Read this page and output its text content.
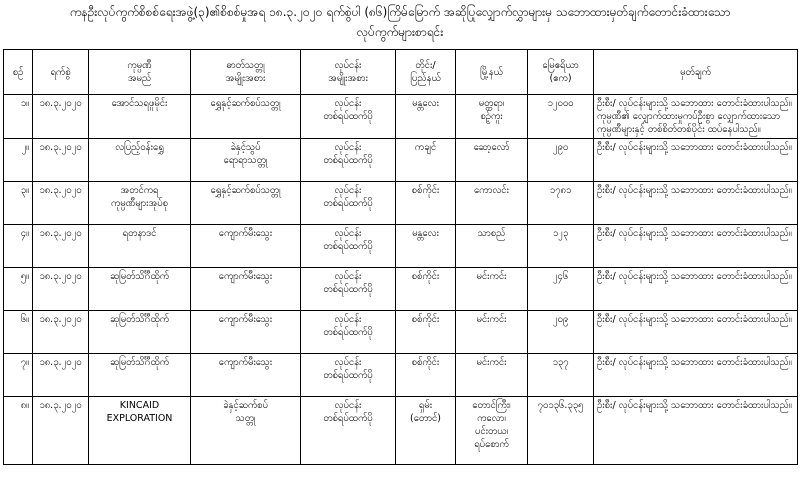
ကနဦးလုပ်ကွက်စိစစ်ရေးအဖွဲ့(၃)၏စိစစ်မှုအရ ၁၈.၃.၂၀၂၀ ရက်စွဲပါ (၈၆)ကြိမ်မြောက် အဆိုပြုလျှောက်လွှာများမှ သဘောထားမှတ်ချက်တောင်းခံထားသော
လုပ်ကွက်များစာရင်း
စဉ်	ရက်စွဲ	ကုမ္ပဏီ
အမည်	ဓာတ်သတ္တု
အမျိုးအစား	လုပ်ငန်း
အမျိုးအစား	တိုင်း/
ပြည်နယ်	မြို့နယ်	မြေဧရိယာ
(ဧက)	မှတ်ချက်

၁။	၁၈.၃.၂၀၂၀	အောင်သရဖူမိုင်း	ရွှေနှင့်ဆက်စပ်သတ္တု	လုပ်ငန်း
တစ်ရပ်ထက်ပို	မန္တလေး	မတ္တရာ၊
စဉ့်ကူး	၁၂၀၀၀	ဦးစီး/ လုပ်ငန်းများသို့ သဘောထား တောင်းခံထားပါသည်။
ကုမ္ပဏီ၏ လျှောက်ထားမှုကပ်ဦးစွာ လျှောက်ထားသော
ကုမ္ပဏီများနှင့် တစ်စိတ်တစ်ပိုင်း ထပ်နေပါသည်။

၂။	၁၈.၃.၂၀၂၀	လပြည့်ဝန်းရွှေ	ခဲနှင့်သွပ်
ရောရာသတ္တု	လုပ်ငန်း
တစ်ရပ်ထက်ပို	ကချင်	ဆော့လော်	၂၉၀	ဦးစီး/ လုပ်ငန်းများသို့ သဘောထား တောင်းခံထားပါသည်။

၃။	၁၈.၃.၂၀၂၀	အတင်ကရ
ကုမ္ပဏီများအုပ်စု	ရွှေနှင့်ဆက်စပ်သတ္တု	လုပ်ငန်း
တစ်ရပ်ထက်ပို	စစ်ကိုင်း	ကောလင်း	၁၇၈၁	ဦးစီး/ လုပ်ငန်းများသို့ သဘောထား တောင်းခံထားပါသည်။

၄။	၁၈.၃.၂၀၂၀	ရတနာဒင်	ကျောက်မီးသွေး	လုပ်ငန်း
တစ်ရပ်ထက်ပို	မန္တလေး	သာစည်	၁၂၃	ဦးစီး/ လုပ်ငန်းများသို့ သဘောထား တောင်းခံထားပါသည်။

၅။	၁၈.၃.၂၀၂၀	ဆုမြတ်သိင်္ဂီထိုက်	ကျောက်မီးသွေး	လုပ်ငန်း
တစ်ရပ်ထက်ပို	စစ်ကိုင်း	မင်းကင်း	၂၄၆	ဦးစီး/ လုပ်ငန်းများသို့ သဘောထား တောင်းခံထားပါသည်။

၆။	၁၈.၃.၂၀၂၀	ဆုမြတ်သိင်္ဂီထိုက်	ကျောက်မီးသွေး	လုပ်ငန်း
တစ်ရပ်ထက်ပို	စစ်ကိုင်း	မင်းကင်း	၂၀၉	ဦးစီး/ လုပ်ငန်းများသို့ သဘောထား တောင်းခံထားပါသည်။

၇။	၁၈.၃.၂၀၂၀	ဆုမြတ်သိင်္ဂီထိုက်	ကျောက်မီးသွေး	လုပ်ငန်း
တစ်ရပ်ထက်ပို	စစ်ကိုင်း	မင်းကင်း	၁၃၇	ဦးစီး/ လုပ်ငန်းများသို့ သဘောထား တောင်းခံထားပါသည်။

၈။	၁၈.၃.၂၀၂၀	KINCAID
EXPLORATION	ခဲနှင့်ဆက်စပ်
သတ္တု	လုပ်ငန်း
တစ်ရပ်ထက်ပို	ရှမ်း
(တောင်)	တောင်ကြီး၊
ကလော၊
ပင်းတယ၊
ရပ်စောက်	၇၀၁၃၆.၃၃၅	ဦးစီး/ လုပ်ငန်းများသို့ သဘောထား တောင်းခံထားပါသည်။
